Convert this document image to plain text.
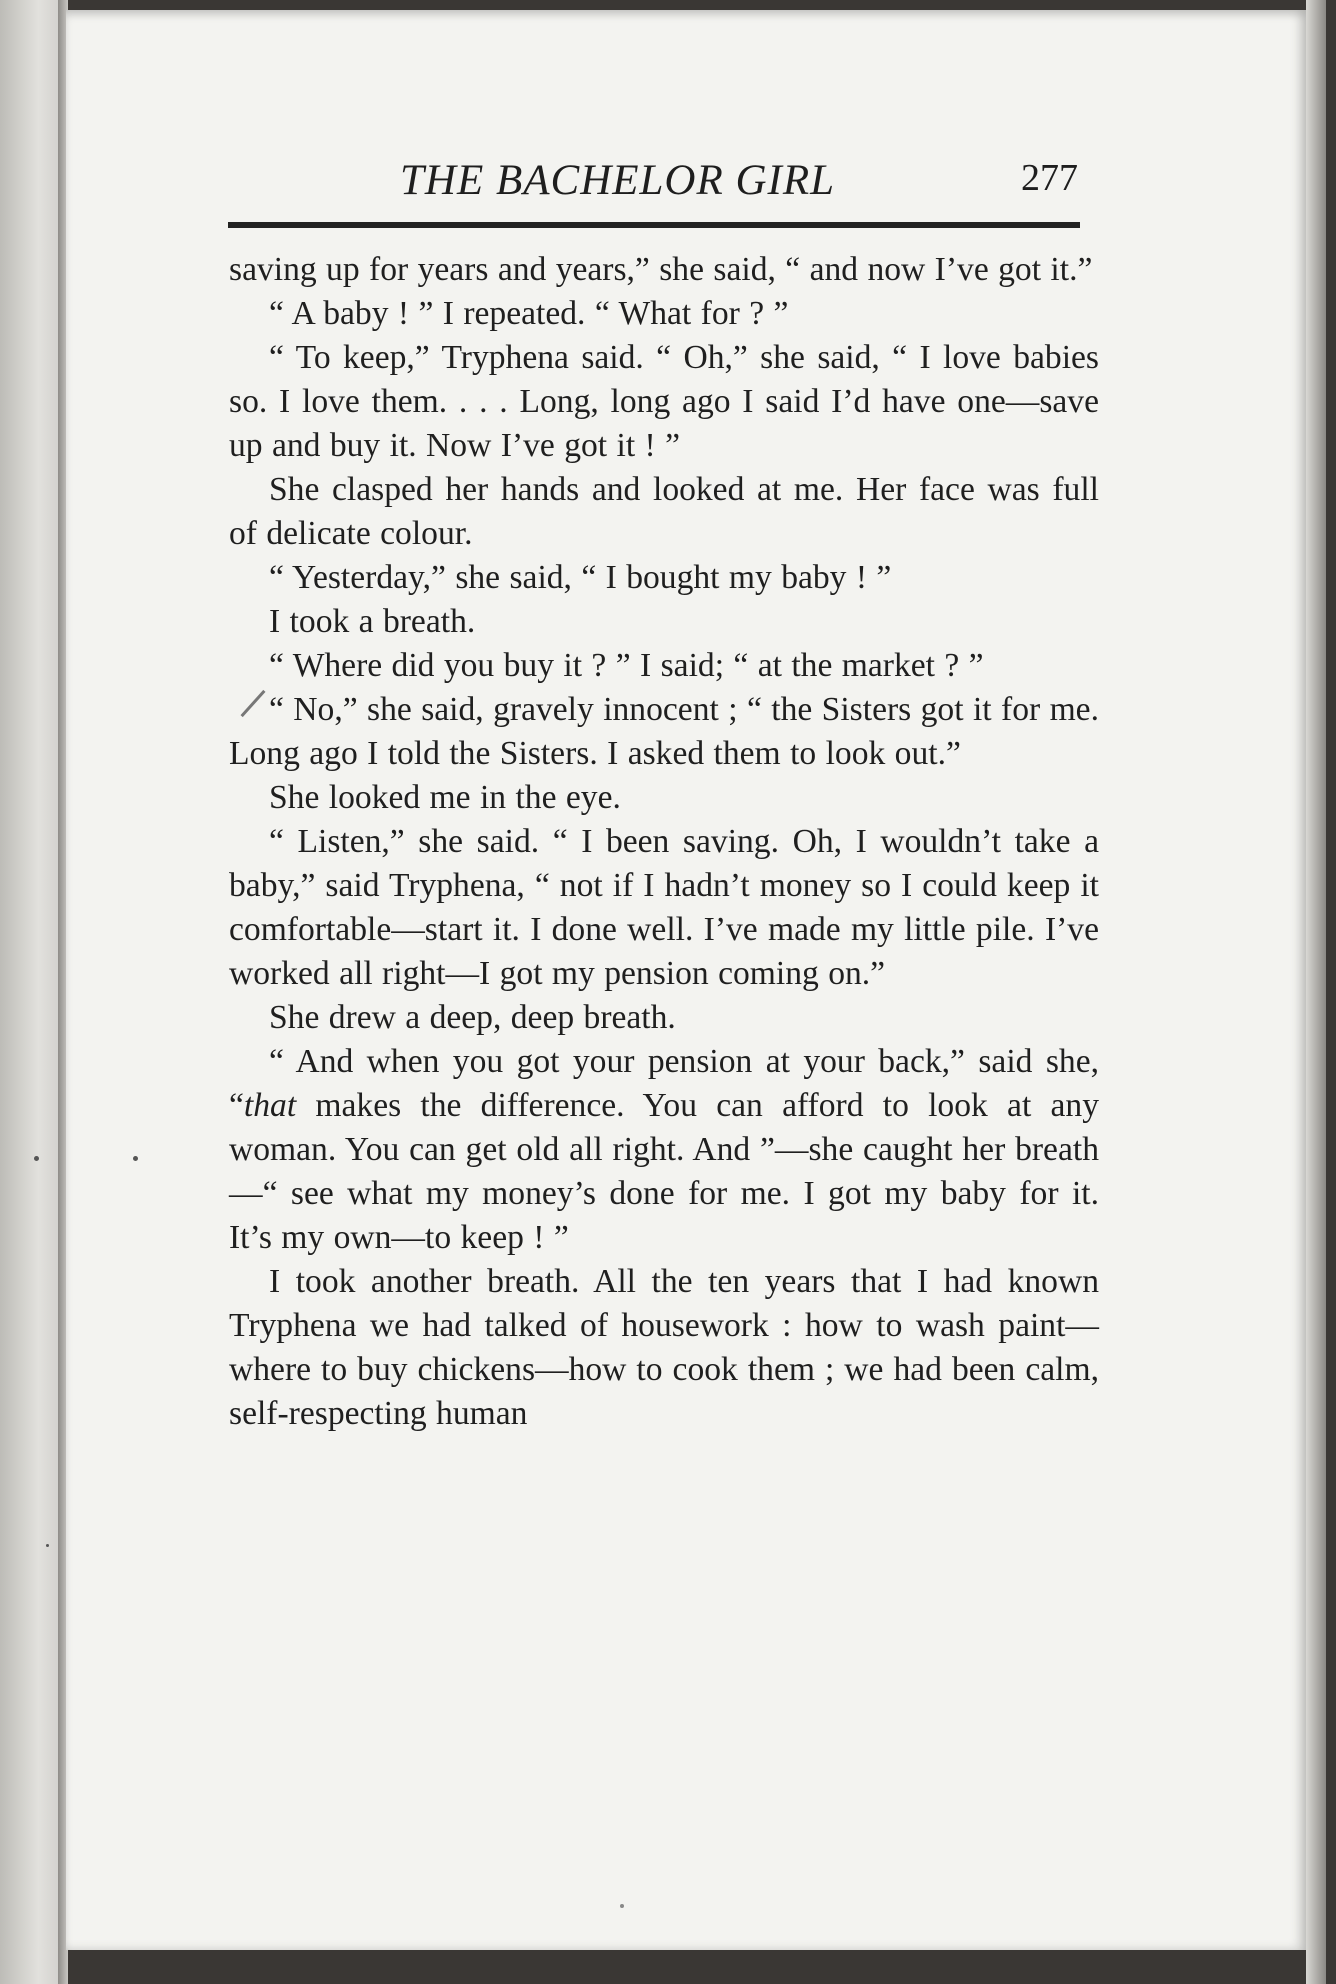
THE BACHELOR GIRL	277

saving up for years and years,” she said, “ and now I’ve got it.”

“ A baby ! ” I repeated. “ What for ? ”

“ To keep,” Tryphena said. “ Oh,” she said, “ I love babies so. I love them. . . . Long, long ago I said I’d have one—save up and buy it. Now I’ve got it ! ”

She clasped her hands and looked at me. Her face was full of delicate colour.

“ Yesterday,” she said, “ I bought my baby ! ”

I took a breath.

“ Where did you buy it ? ” I said; “ at the market ? ”

“ No,” she said, gravely innocent ; “ the Sisters got it for me. Long ago I told the Sisters. I asked them to look out.”

She looked me in the eye.

“ Listen,” she said. “ I been saving. Oh, I wouldn’t take a baby,” said Tryphena, “ not if I hadn’t money so I could keep it comfortable—start it. I done well. I’ve made my little pile. I’ve worked all right—I got my pension coming on.”

She drew a deep, deep breath.

“ And when you got your pension at your back,” said she, “that makes the difference. You can afford to look at any woman. You can get old all right. And ”—she caught her breath—“ see what my money’s done for me. I got my baby for it. It’s my own—to keep ! ”

I took another breath. All the ten years that I had known Tryphena we had talked of housework : how to wash paint—where to buy chickens—how to cook them ; we had been calm, self-respecting human
